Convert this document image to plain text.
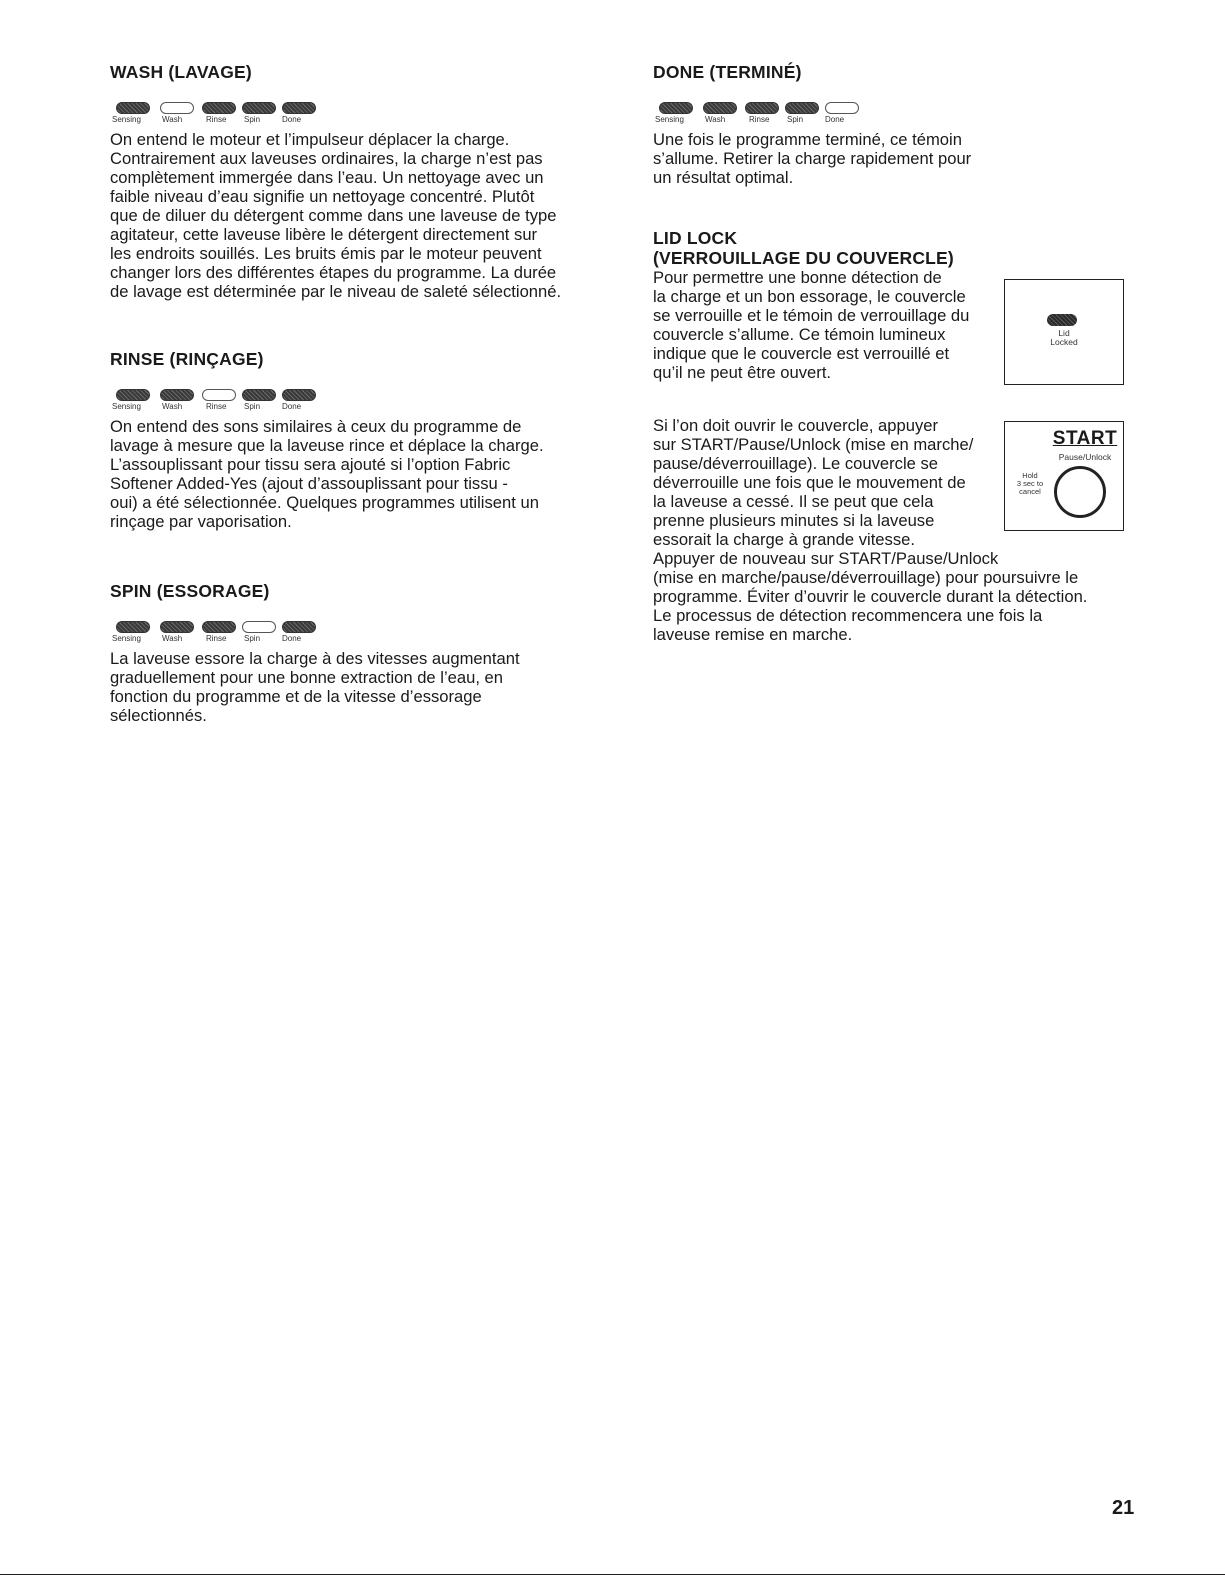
WASH (LAVAGE)
Sensing	Wash	Rinse Spin	Done

On entend le moteur et l’impulseur déplacer la charge.
Contrairement aux laveuses ordinaires, la charge n’est pas
complètement immergée dans l’eau. Un nettoyage avec un
faible niveau d’eau signifie un nettoyage concentré. Plutôt
que de diluer du détergent comme dans une laveuse de type
agitateur, cette laveuse libère le détergent directement sur
les endroits souillés. Les bruits émis par le moteur peuvent
changer lors des différentes étapes du programme. La durée
de lavage est déterminée par le niveau de saleté sélectionné.

RINSE (RINÇAGE)
Sensing	Wash	Rinse Spin	Done

On entend des sons similaires à ceux du programme de
lavage à mesure que la laveuse rince et déplace la charge.
L’assouplissant pour tissu sera ajouté si l’option Fabric
Softener Added-Yes (ajout d’assouplissant pour tissu -
oui) a été sélectionnée. Quelques programmes utilisent un
rinçage par vaporisation.

SPIN (ESSORAGE)
Sensing	Wash	Rinse Spin	Done

La laveuse essore la charge à des vitesses augmentant
graduellement pour une bonne extraction de l’eau, en
fonction du programme et de la vitesse d’essorage
sélectionnés.

DONE (TERMINÉ)
Sensing	Wash	Rinse Spin	Done

Une fois le programme terminé, ce témoin
s’allume. Retirer la charge rapidement pour
un résultat optimal.

LID LOCK
(VERROUILLAGE DU COUVERCLE)

Pour permettre une bonne détection de
la charge et un bon essorage, le couvercle
se verrouille et le témoin de verrouillage du
couvercle s’allume. Ce témoin lumineux
indique que le couvercle est verrouillé et
qu’il ne peut être ouvert.

Si l’on doit ouvrir le couvercle, appuyer
sur START/Pause/Unlock (mise en marche/
pause/déverrouillage). Le couvercle se
déverrouille une fois que le mouvement de
la laveuse a cessé. Il se peut que cela
prenne plusieurs minutes si la laveuse
essorait la charge à grande vitesse.
Appuyer de nouveau sur START/Pause/Unlock
(mise en marche/pause/déverrouillage) pour poursuivre le
programme. Éviter d’ouvrir le couvercle durant la détection.
Le processus de détection recommencera une fois la
laveuse remise en marche.

Lid
Locked
START
Pause/Unlock
Hold
3 sec to
cancel
21
